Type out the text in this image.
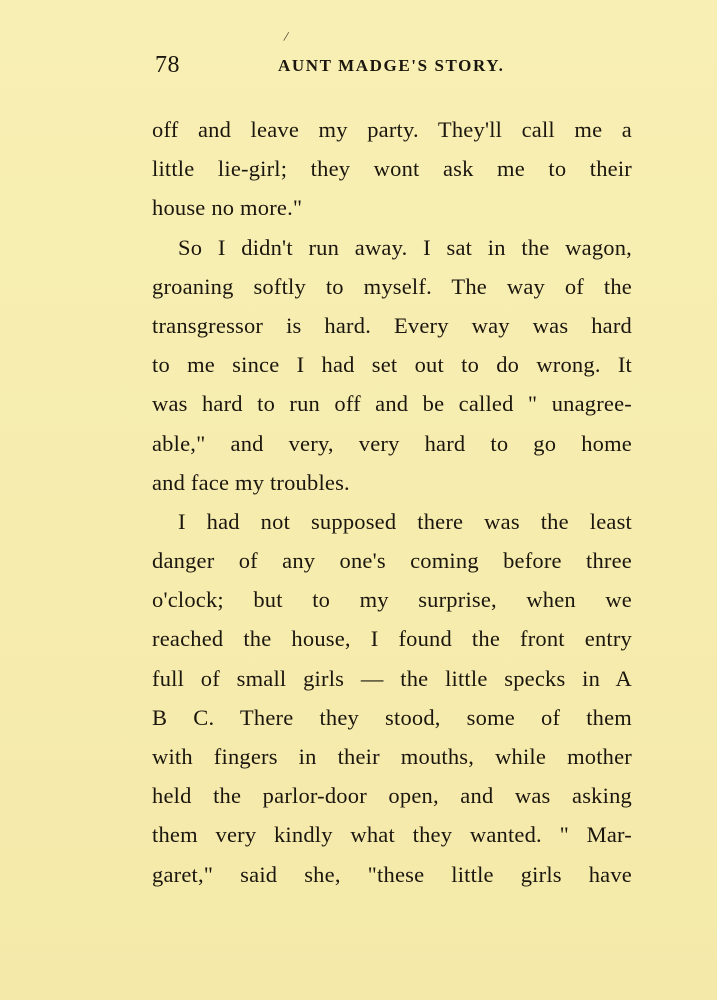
/
78	AUNT MADGE'S STORY.
off and leave my party. They'll call me a
little lie-girl; they wont ask me to their
house no more."
So I didn't run away. I sat in the wagon,
groaning softly to myself. The way of the
transgressor is hard. Every way was hard
to me since I had set out to do wrong. It
was hard to run off and be called " unagree-
able," and very, very hard to go home
and face my troubles.
I had not supposed there was the least
danger of any one's coming before three
o'clock; but to my surprise, when we
reached the house, I found the front entry
full of small girls — the little specks in A
B C. There they stood, some of them
with fingers in their mouths, while mother
held the parlor-door open, and was asking
them very kindly what they wanted. " Mar-
garet," said she, "these little girls have
